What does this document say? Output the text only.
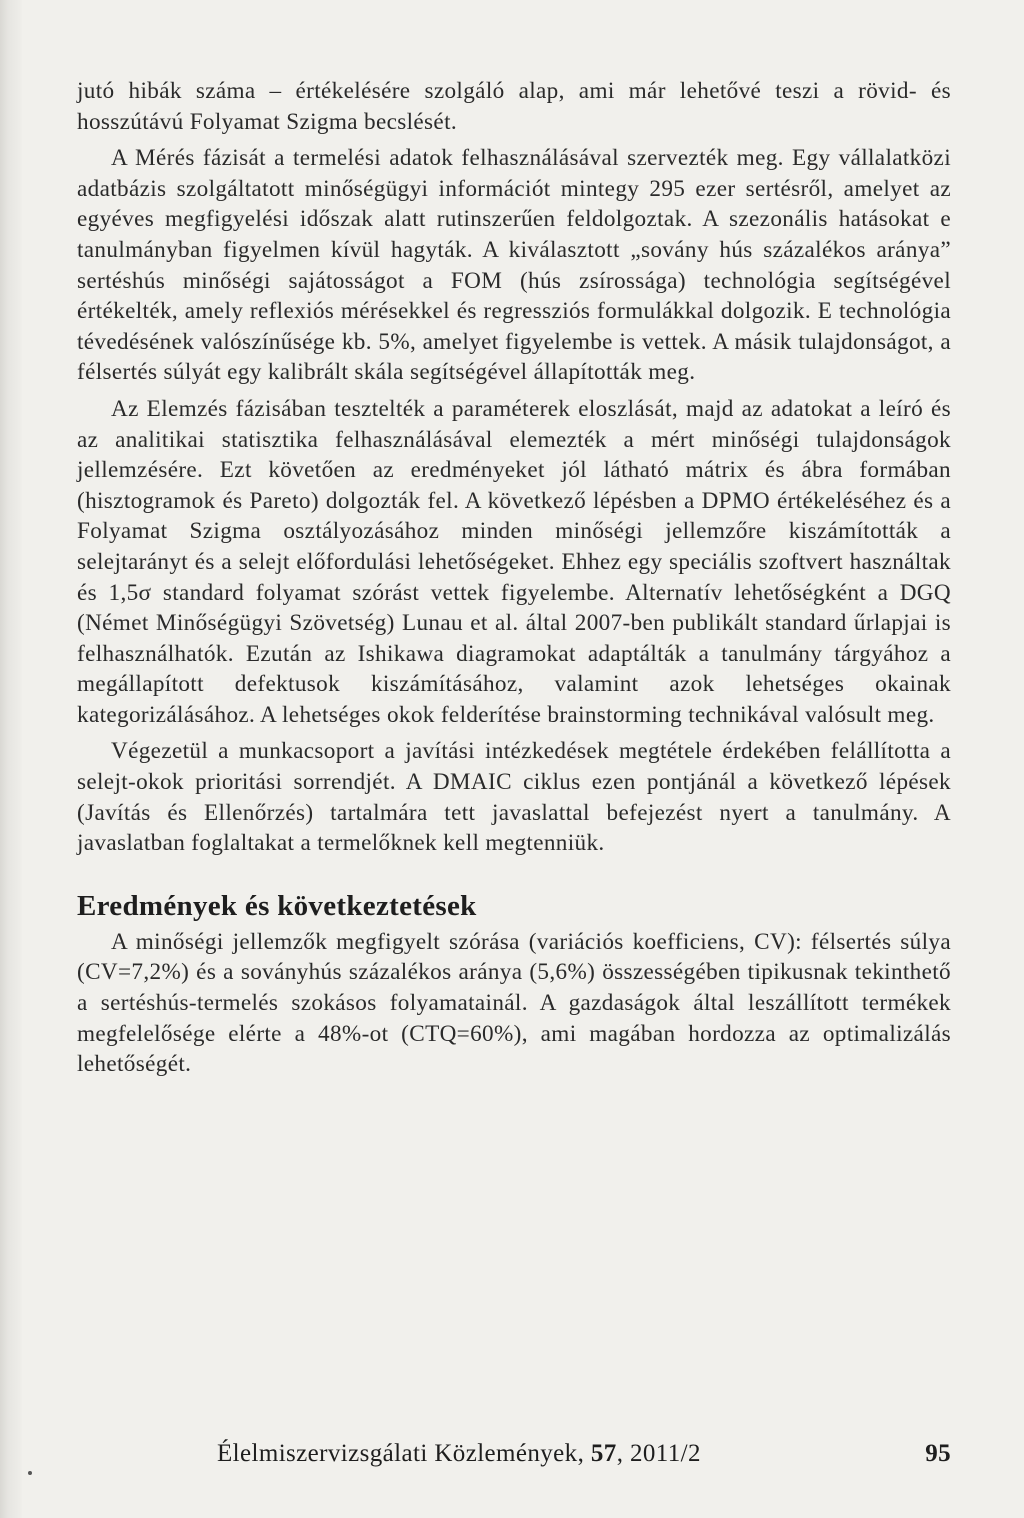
jutó hibák száma – értékelésére szolgáló alap, ami már lehetővé teszi a rövid- és hosszútávú Folyamat Szigma becslését.

A Mérés fázisát a termelési adatok felhasználásával szervezték meg. Egy vállalatközi adatbázis szolgáltatott minőségügyi információt mintegy 295 ezer sertésről, amelyet az egyéves megfigyelési időszak alatt rutinszerűen feldolgoztak. A szezonális hatásokat e tanulmányban figyelmen kívül hagyták. A kiválasztott „sovány hús százalékos aránya” sertéshús minőségi sajátosságot a FOM (hús zsírossága) technológia segítségével értékelték, amely reflexiós mérésekkel és regressziós formulákkal dolgozik. E technológia tévedésének valószínűsége kb. 5%, amelyet figyelembe is vettek. A másik tulajdonságot, a félsertés súlyát egy kalibrált skála segítségével állapították meg.

Az Elemzés fázisában tesztelték a paraméterek eloszlását, majd az adatokat a leíró és az analitikai statisztika felhasználásával elemezték a mért minőségi tulajdonságok jellemzésére. Ezt követően az eredményeket jól látható mátrix és ábra formában (hisztogramok és Pareto) dolgozták fel. A következő lépésben a DPMO értékeléséhez és a Folyamat Szigma osztályozásához minden minőségi jellemzőre kiszámították a selejtarányt és a selejt előfordulási lehetőségeket. Ehhez egy speciális szoftvert használtak és 1,5σ standard folyamat szórást vettek figyelembe. Alternatív lehetőségként a DGQ (Német Minőségügyi Szövetség) Lunau et al. által 2007-ben publikált standard űrlapjai is felhasználhatók. Ezután az Ishikawa diagramokat adaptálták a tanulmány tárgyához a megállapított defektusok kiszámításához, valamint azok lehetséges okainak kategorizálásához. A lehetséges okok felderítése brainstorming technikával valósult meg.

Végezetül a munkacsoport a javítási intézkedések megtétele érdekében felállította a selejt-okok prioritási sorrendjét. A DMAIC ciklus ezen pontjánál a következő lépések (Javítás és Ellenőrzés) tartalmára tett javaslattal befejezést nyert a tanulmány. A javaslatban foglaltakat a termelőknek kell megtenniük.

Eredmények és következtetések

A minőségi jellemzők megfigyelt szórása (variációs koefficiens, CV): félsertés súlya (CV=7,2%) és a soványhús százalékos aránya (5,6%) összességében tipikusnak tekinthető a sertéshús-termelés szokásos folyamatainál. A gazdaságok által leszállított termékek megfelelősége elérte a 48%-ot (CTQ=60%), ami magában hordozza az optimalizálás lehetőségét.

Élelmiszervizsgálati Közlemények, 57, 2011/2	95
